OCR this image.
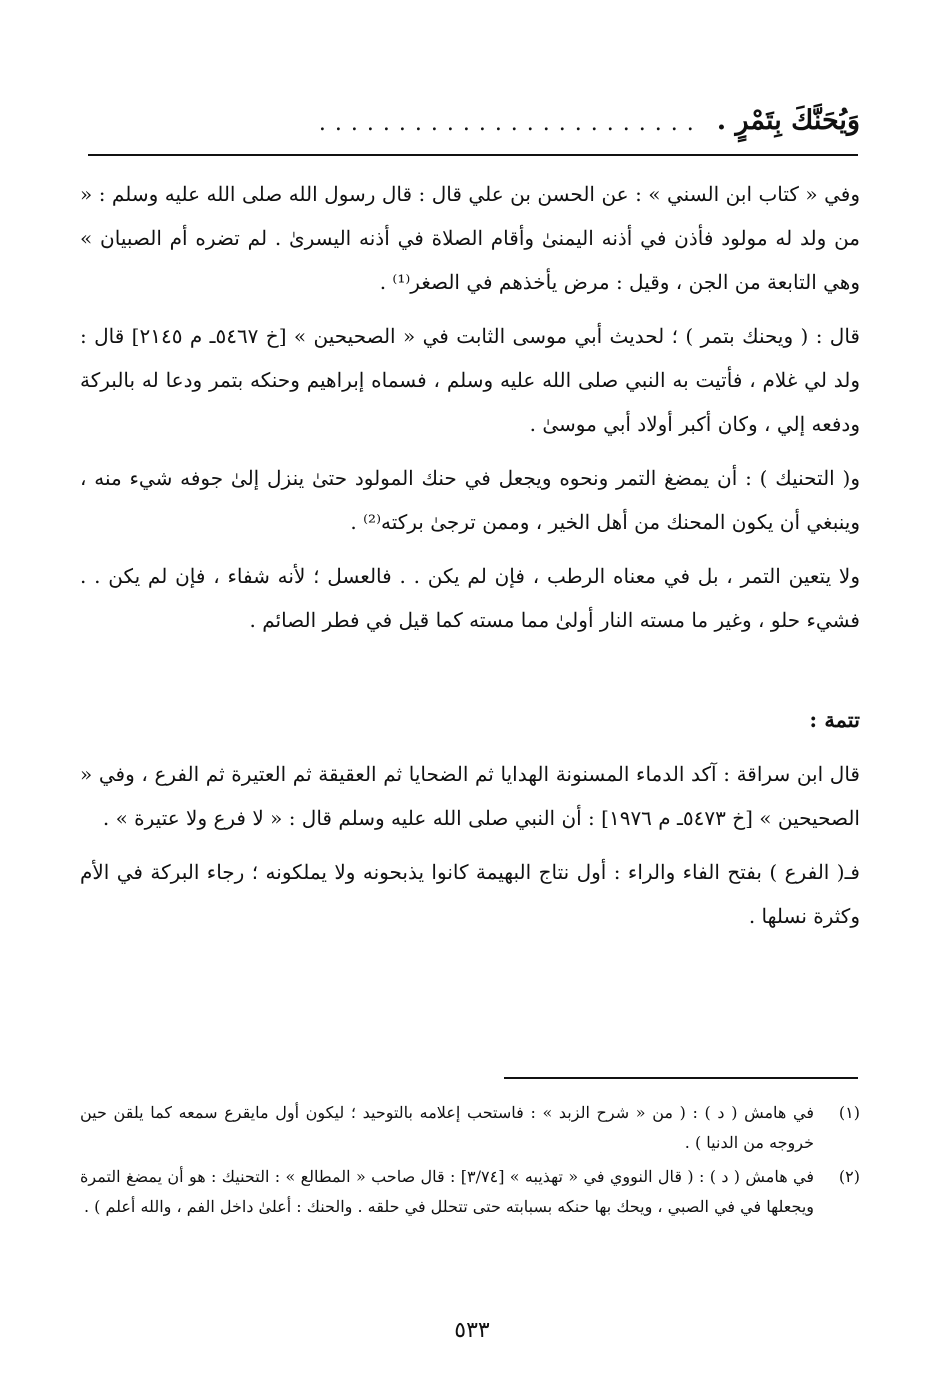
وَيُحَنَّكَ بِتَمْرٍ .
........................

وفي « كتاب ابن السني » : عن الحسن بن علي قال : قال رسول الله صلى الله عليه وسلم : « من ولد له مولود فأذن في أذنه اليمنىٰ وأقام الصلاة في أذنه اليسرىٰ . لم تضره أم الصبيان » وهي التابعة من الجن ، وقيل : مرض يأخذهم في الصغر⁽¹⁾ .

قال : ( ويحنك بتمر ) ؛ لحديث أبي موسى الثابت في « الصحيحين » [خ ٥٤٦٧ـ م ٢١٤٥] قال : ولد لي غلام ، فأتيت به النبي صلى الله عليه وسلم ، فسماه إبراهيم وحنكه بتمر ودعا له بالبركة ودفعه إلي ، وكان أكبر أولاد أبي موسىٰ .

و( التحنيك ) : أن يمضغ التمر ونحوه ويجعل في حنك المولود حتىٰ ينزل إلىٰ جوفه شيء منه ، وينبغي أن يكون المحنك من أهل الخير ، وممن ترجىٰ بركته⁽²⁾ .

ولا يتعين التمر ، بل في معناه الرطب ، فإن لم يكن . . فالعسل ؛ لأنه شفاء ، فإن لم يكن . . فشيء حلو ، وغير ما مسته النار أولىٰ مما مسته كما قيل في فطر الصائم .

تتمة :

قال ابن سراقة : آكد الدماء المسنونة الهدايا ثم الضحايا ثم العقيقة ثم العتيرة ثم الفرع ، وفي « الصحيحين » [خ ٥٤٧٣ـ م ١٩٧٦] : أن النبي صلى الله عليه وسلم قال : « لا فرع ولا عتيرة » .

فـ( الفرع ) بفتح الفاء والراء : أول نتاج البهيمة كانوا يذبحونه ولا يملكونه ؛ رجاء البركة في الأم وكثرة نسلها .

(١)
في هامش ( د ) : ( من « شرح الزبد » : فاستحب إعلامه بالتوحيد ؛ ليكون أول مايقرع سمعه كما يلقن حين خروجه من الدنيا ) .
(٢)
في هامش ( د ) : ( قال النووي في « تهذيبه » [٣/٧٤] : قال صاحب « المطالع » : التحنيك : هو أن يمضغ التمرة ويجعلها في في الصبي ، ويحك بها حنكه بسبابته حتى تتحلل في حلقه . والحنك : أعلىٰ داخل الفم ، والله أعلم ) .
٥٣٣
